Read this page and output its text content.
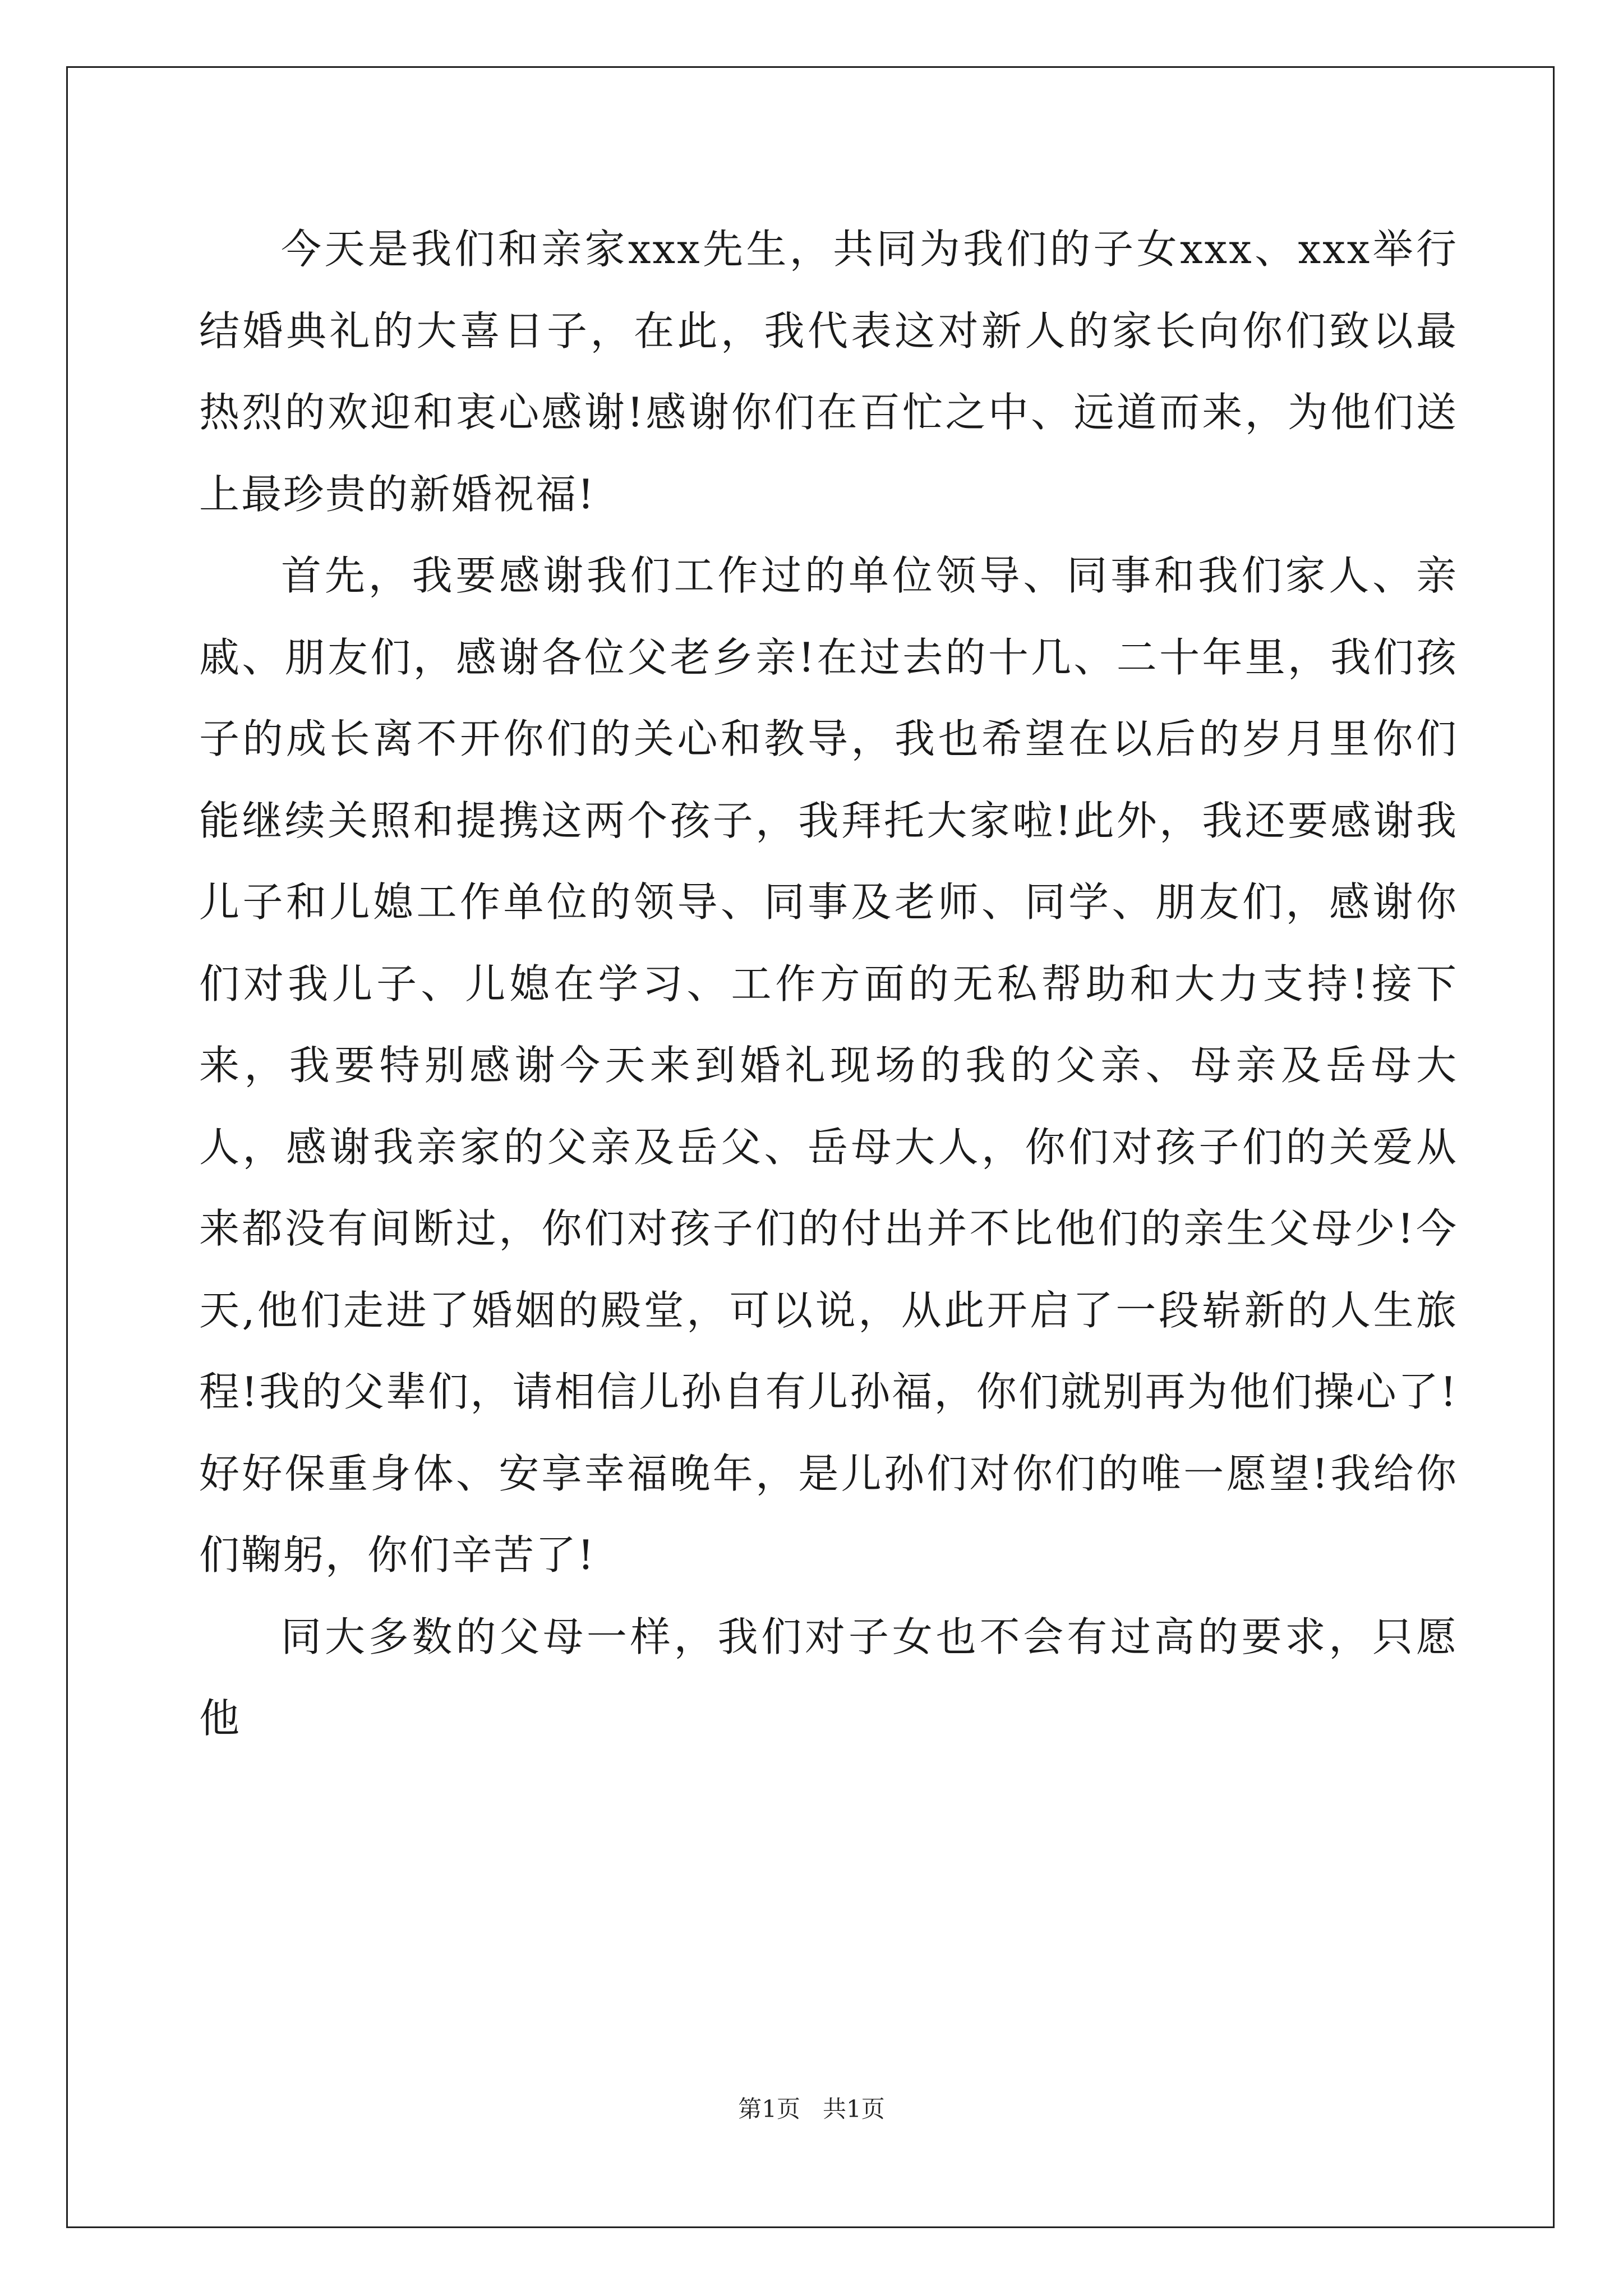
今天是我们和亲家xxx先生，共同为我们的子女xxx、xxx举行结婚典礼的大喜日子，在此，我代表这对新人的家长向你们致以最热烈的欢迎和衷心感谢!感谢你们在百忙之中、远道而来，为他们送上最珍贵的新婚祝福!

首先，我要感谢我们工作过的单位领导、同事和我们家人、亲戚、朋友们，感谢各位父老乡亲!在过去的十几、二十年里，我们孩子的成长离不开你们的关心和教导，我也希望在以后的岁月里你们能继续关照和提携这两个孩子，我拜托大家啦!此外，我还要感谢我儿子和儿媳工作单位的领导、同事及老师、同学、朋友们，感谢你们对我儿子、儿媳在学习、工作方面的无私帮助和大力支持!接下来，我要特别感谢今天来到婚礼现场的我的父亲、母亲及岳母大人，感谢我亲家的父亲及岳父、岳母大人，你们对孩子们的关爱从来都没有间断过，你们对孩子们的付出并不比他们的亲生父母少!今天,他们走进了婚姻的殿堂，可以说，从此开启了一段崭新的人生旅程!我的父辈们，请相信儿孙自有儿孙福，你们就别再为他们操心了!好好保重身体、安享幸福晚年，是儿孙们对你们的唯一愿望!我给你们鞠躬，你们辛苦了!

同大多数的父母一样，我们对子女也不会有过高的要求，只愿他

第1页   共1页
